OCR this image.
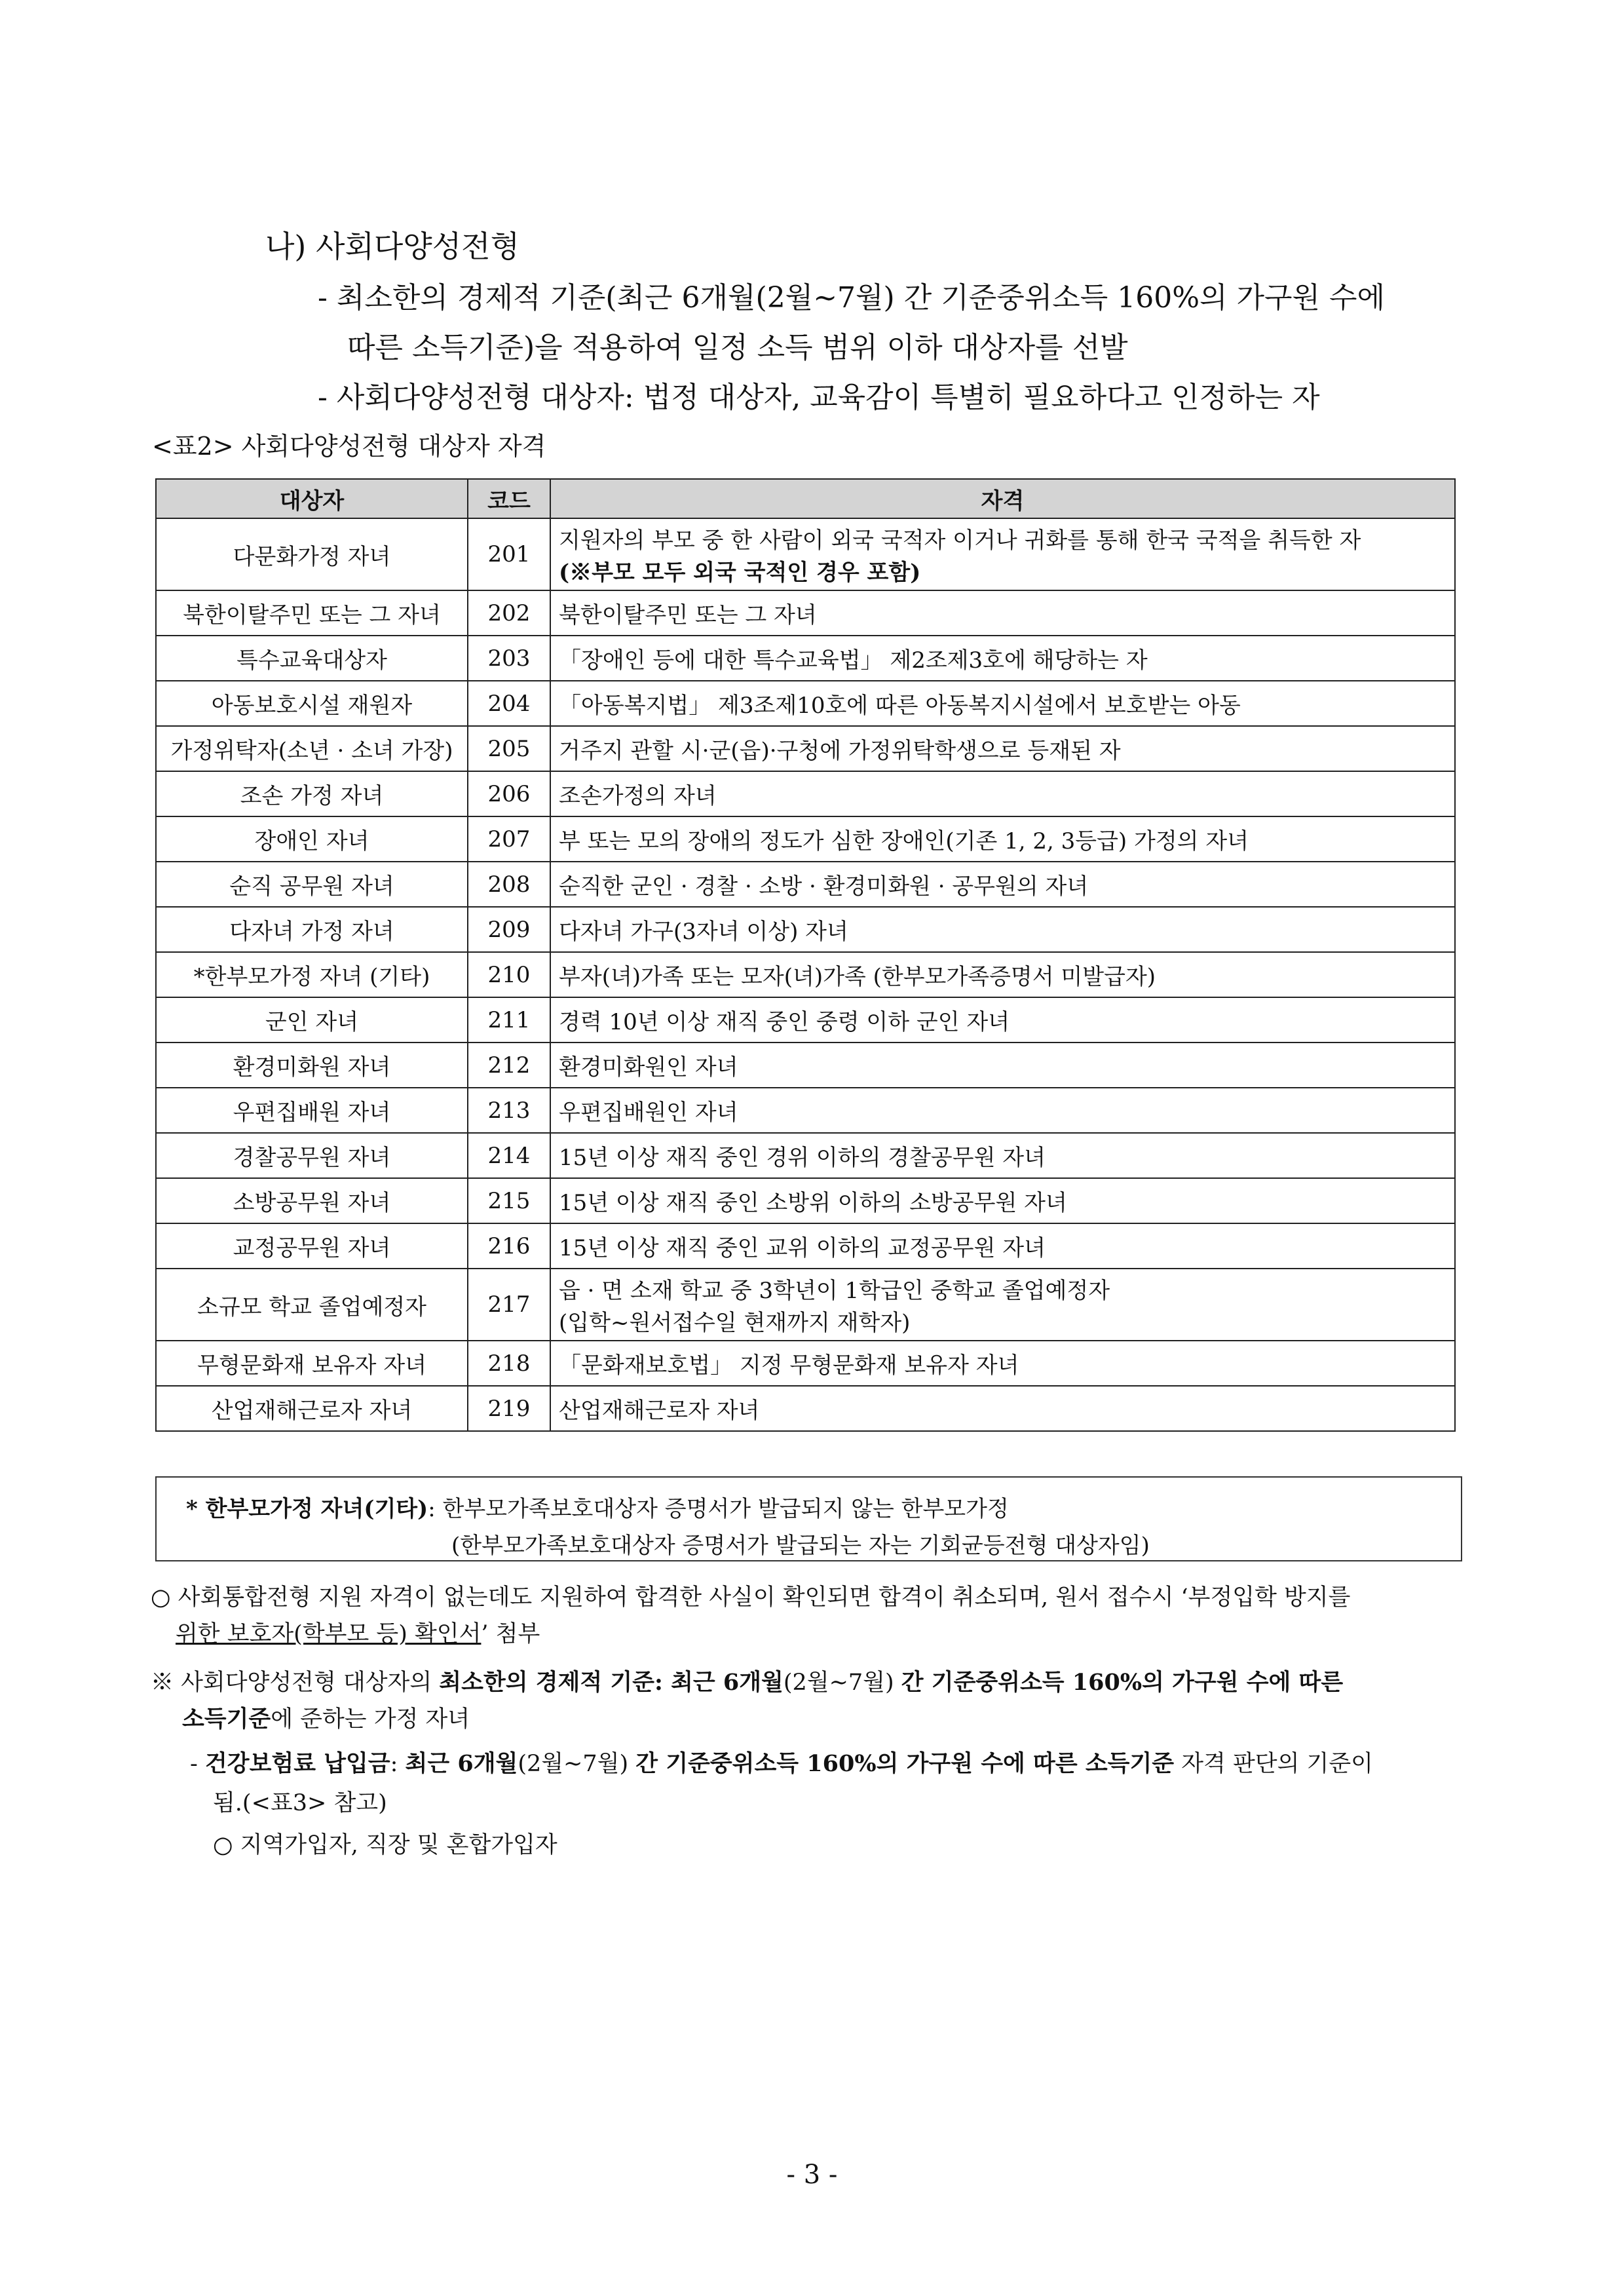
나) 사회다양성전형
- 최소한의 경제적 기준(최근 6개월(2월~7월) 간 기준중위소득 160%의 가구원 수에
따른 소득기준)을 적용하여 일정 소득 범위 이하 대상자를 선발
- 사회다양성전형 대상자: 법정 대상자, 교육감이 특별히 필요하다고 인정하는 자
<표2> 사회다양성전형 대상자 자격
대상자	코드	자격
다문화가정 자녀	201	지원자의 부모 중 한 사람이 외국 국적자 이거나 귀화를 통해 한국 국적을 취득한 자
(※부모 모두 외국 국적인 경우 포함)

북한이탈주민 또는 그 자녀	202	북한이탈주민 또는 그 자녀
특수교육대상자	203	「장애인 등에 대한 특수교육법」 제2조제3호에 해당하는 자
아동보호시설 재원자	204	「아동복지법」 제3조제10호에 따른 아동복지시설에서 보호받는 아동
가정위탁자(소년 · 소녀 가장)	205	거주지 관할 시·군(읍)·구청에 가정위탁학생으로 등재된 자
조손 가정 자녀	206	조손가정의 자녀
장애인 자녀	207	부 또는 모의 장애의 정도가 심한 장애인(기존 1, 2, 3등급) 가정의 자녀
순직 공무원 자녀	208	순직한 군인 · 경찰 · 소방 · 환경미화원 · 공무원의 자녀
다자녀 가정 자녀	209	다자녀 가구(3자녀 이상) 자녀
*한부모가정 자녀 (기타)	210	부자(녀)가족 또는 모자(녀)가족 (한부모가족증명서 미발급자)
군인 자녀	211	경력 10년 이상 재직 중인 중령 이하 군인 자녀
환경미화원 자녀	212	환경미화원인 자녀
우편집배원 자녀	213	우편집배원인 자녀
경찰공무원 자녀	214	15년 이상 재직 중인 경위 이하의 경찰공무원 자녀
소방공무원 자녀	215	15년 이상 재직 중인 소방위 이하의 소방공무원 자녀
교정공무원 자녀	216	15년 이상 재직 중인 교위 이하의 교정공무원 자녀
소규모 학교 졸업예정자	217	읍 · 면 소재 학교 중 3학년이 1학급인 중학교 졸업예정자
(입학~원서접수일 현재까지 재학자)

무형문화재 보유자 자녀	218	「문화재보호법」 지정 무형문화재 보유자 자녀
산업재해근로자 자녀	219	산업재해근로자 자녀
* 한부모가정 자녀(기타): 한부모가족보호대상자 증명서가 발급되지 않는 한부모가정
(한부모가족보호대상자 증명서가 발급되는 자는 기회균등전형 대상자임)
○ 사회통합전형 지원 자격이 없는데도 지원하여 합격한 사실이 확인되면 합격이 취소되며, 원서 접수시 ‘부정입학 방지를
위한 보호자(학부모 등) 확인서’ 첨부
※ 사회다양성전형 대상자의 최소한의 경제적 기준: 최근 6개월(2월~7월) 간 기준중위소득 160%의 가구원 수에 따른
소득기준에 준하는 가정 자녀
- 건강보험료 납입금: 최근 6개월(2월~7월) 간 기준중위소득 160%의 가구원 수에 따른 소득기준 자격 판단의 기준이
됨.(<표3> 참고)
○ 지역가입자, 직장 및 혼합가입자
- 3 -
